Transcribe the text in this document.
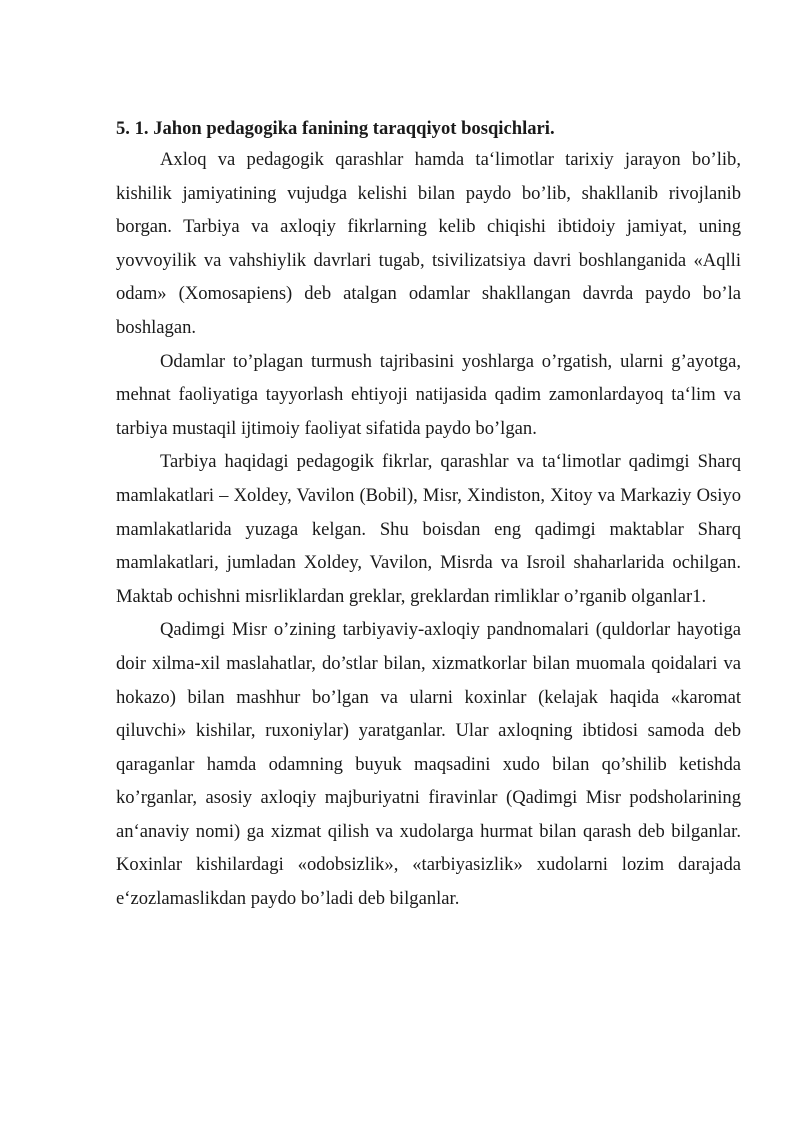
5. 1. Jahon pedagogika fanining taraqqiyot bosqichlari.

Axloq va pedagogik qarashlar hamda ta‘limotlar tarixiy jarayon bo’lib, kishilik jamiyatining vujudga kelishi bilan paydo bo’lib, shakllanib rivojlanib borgan. Tarbiya va axloqiy fikrlarning kelib chiqishi ibtidoiy jamiyat, uning yovvoyilik va vahshiylik davrlari tugab, tsivilizatsiya davri boshlanganida «Aqlli odam» (Xomosapiens) deb atalgan odamlar shakllangan davrda paydo bo’la boshlagan.

Odamlar to’plagan turmush tajribasini yoshlarga o’rgatish, ularni g’ayotga, mehnat faoliyatiga tayyorlash ehtiyoji natijasida qadim zamonlardayoq ta‘lim va tarbiya mustaqil ijtimoiy faoliyat sifatida paydo bo’lgan.

Tarbiya haqidagi pedagogik fikrlar, qarashlar va ta‘limotlar qadimgi Sharq mamlakatlari – Xoldey, Vavilon (Bobil), Misr, Xindiston, Xitoy va Markaziy Osiyo mamlakatlarida yuzaga kelgan. Shu boisdan eng qadimgi maktablar Sharq mamlakatlari, jumladan Xoldey, Vavilon, Misrda va Isroil shaharlarida ochilgan. Maktab ochishni misrliklardan greklar, greklardan rimliklar o’rganib olganlar1.

Qadimgi Misr o’zining tarbiyaviy-axloqiy pandnomalari (quldorlar hayotiga doir xilma-xil maslahatlar, do’stlar bilan, xizmatkorlar bilan muomala qoidalari va hokazo) bilan mashhur bo’lgan va ularni koxinlar (kelajak haqida «karomat qiluvchi» kishilar, ruxoniylar) yaratganlar. Ular axloqning ibtidosi samoda deb qaraganlar hamda odamning buyuk maqsadini xudo bilan qo’shilib ketishda ko’rganlar, asosiy axloqiy majburiyatni firavinlar (Qadimgi Misr podsholarining an‘anaviy nomi) ga xizmat qilish va xudolarga hurmat bilan qarash deb bilganlar. Koxinlar kishilardagi «odobsizlik», «tarbiyasizlik» xudolarni lozim darajada e‘zozlamaslikdan paydo bo’ladi deb bilganlar.
